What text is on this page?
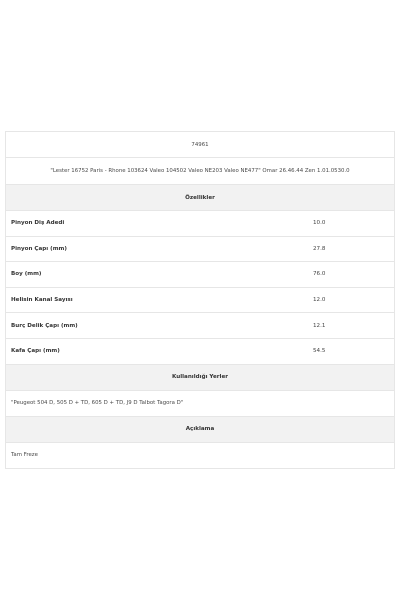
74961
"Lester 16752 Paris - Rhone 103624 Valeo 104502 Valeo NE203 Valeo NE477" Omar 26.46.44 Zen 1.01.0530.0
Özellikler
Pinyon Diş Adedi	10.0
Pinyon Çapı (mm)	27.8
Boy (mm)	76.0
Helisin Kanal Sayısı	12.0
Burç Delik Çapı (mm)	12.1
Kafa Çapı (mm)	54.5
Kullanıldığı Yerler
"Peugeot 504 D, 505 D + TD, 605 D + TD, J9 D Talbot Tagora D"
Açıklama
Tam Freze
